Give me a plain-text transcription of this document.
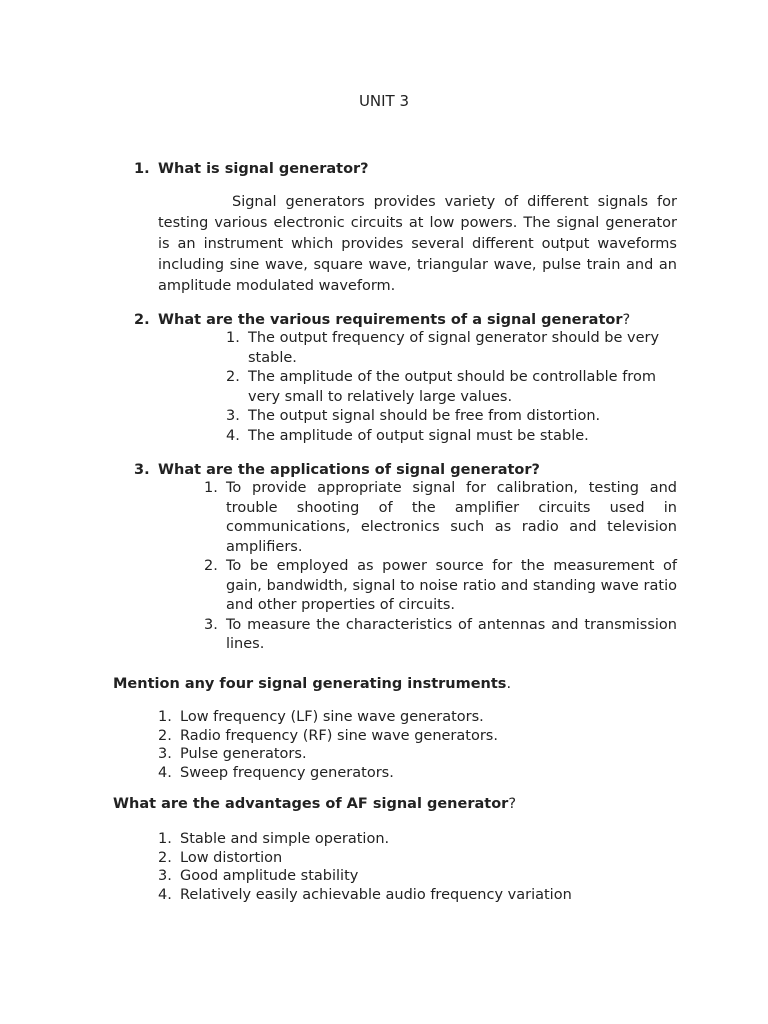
UNIT 3
1. What is signal generator?
Signal generators provides variety of different signals for testing various electronic circuits at low powers. The signal generator is an instrument which provides several different output waveforms including sine wave, square wave, triangular wave, pulse train and an amplitude modulated waveform.
2. What are the various requirements of a signal generator?
1. The output frequency of signal generator should be very stable.
2. The amplitude of the output should be controllable from very small to relatively large values.
3. The output signal should be free from distortion.
4. The amplitude of output signal must be stable.
3. What are the applications of signal generator?
1. To provide appropriate signal for calibration, testing and trouble shooting of the amplifier circuits used in communications, electronics such as radio and television amplifiers.
2. To be employed as power source for the measurement of gain, bandwidth, signal to noise ratio and standing wave ratio and other properties of circuits.
3. To measure the characteristics of antennas and transmission lines.
Mention any four signal generating instruments.
1. Low frequency (LF) sine wave generators.
2. Radio frequency (RF) sine wave generators.
3. Pulse generators.
4. Sweep frequency generators.
What are the advantages of AF signal generator?
1. Stable and simple operation.
2. Low distortion
3. Good amplitude stability
4. Relatively easily achievable audio frequency variation
